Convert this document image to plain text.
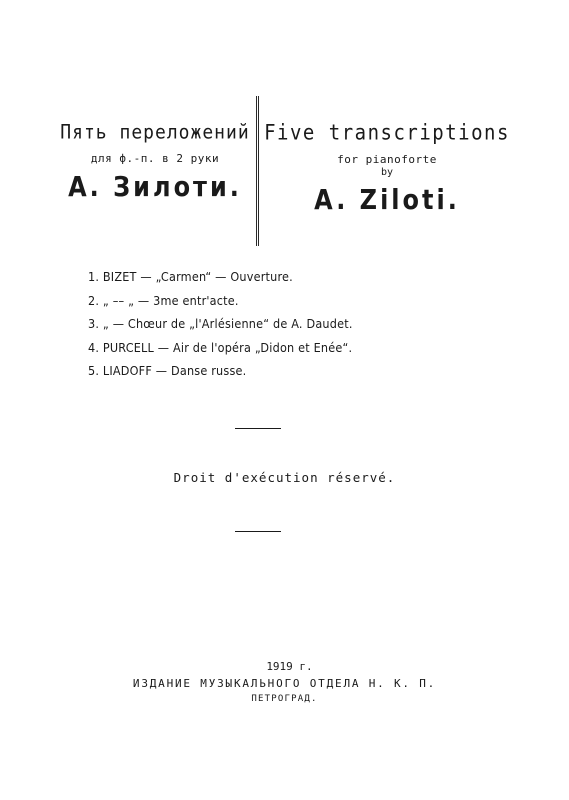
Пять переложений
для ф.-п. в 2 руки
А. Зилоти.
Five transcriptions
for pianoforte
by
A. Ziloti.
1. BIZET — „Carmen“ — Ouverture.
2. „ –– „ — 3me entr'acte.
3. „ — Chœur de „l'Arlésienne“ de A. Daudet.
4. PURCELL — Air de l'opéra „Didon et Enée“.
5. LIADOFF — Danse russe.
Droit d'exécution réservé.
1919 г.
ИЗДАНИЕ МУЗЫКАЛЬНОГО ОТДЕЛА Н. К. П.
ПЕТРОГРАД.
